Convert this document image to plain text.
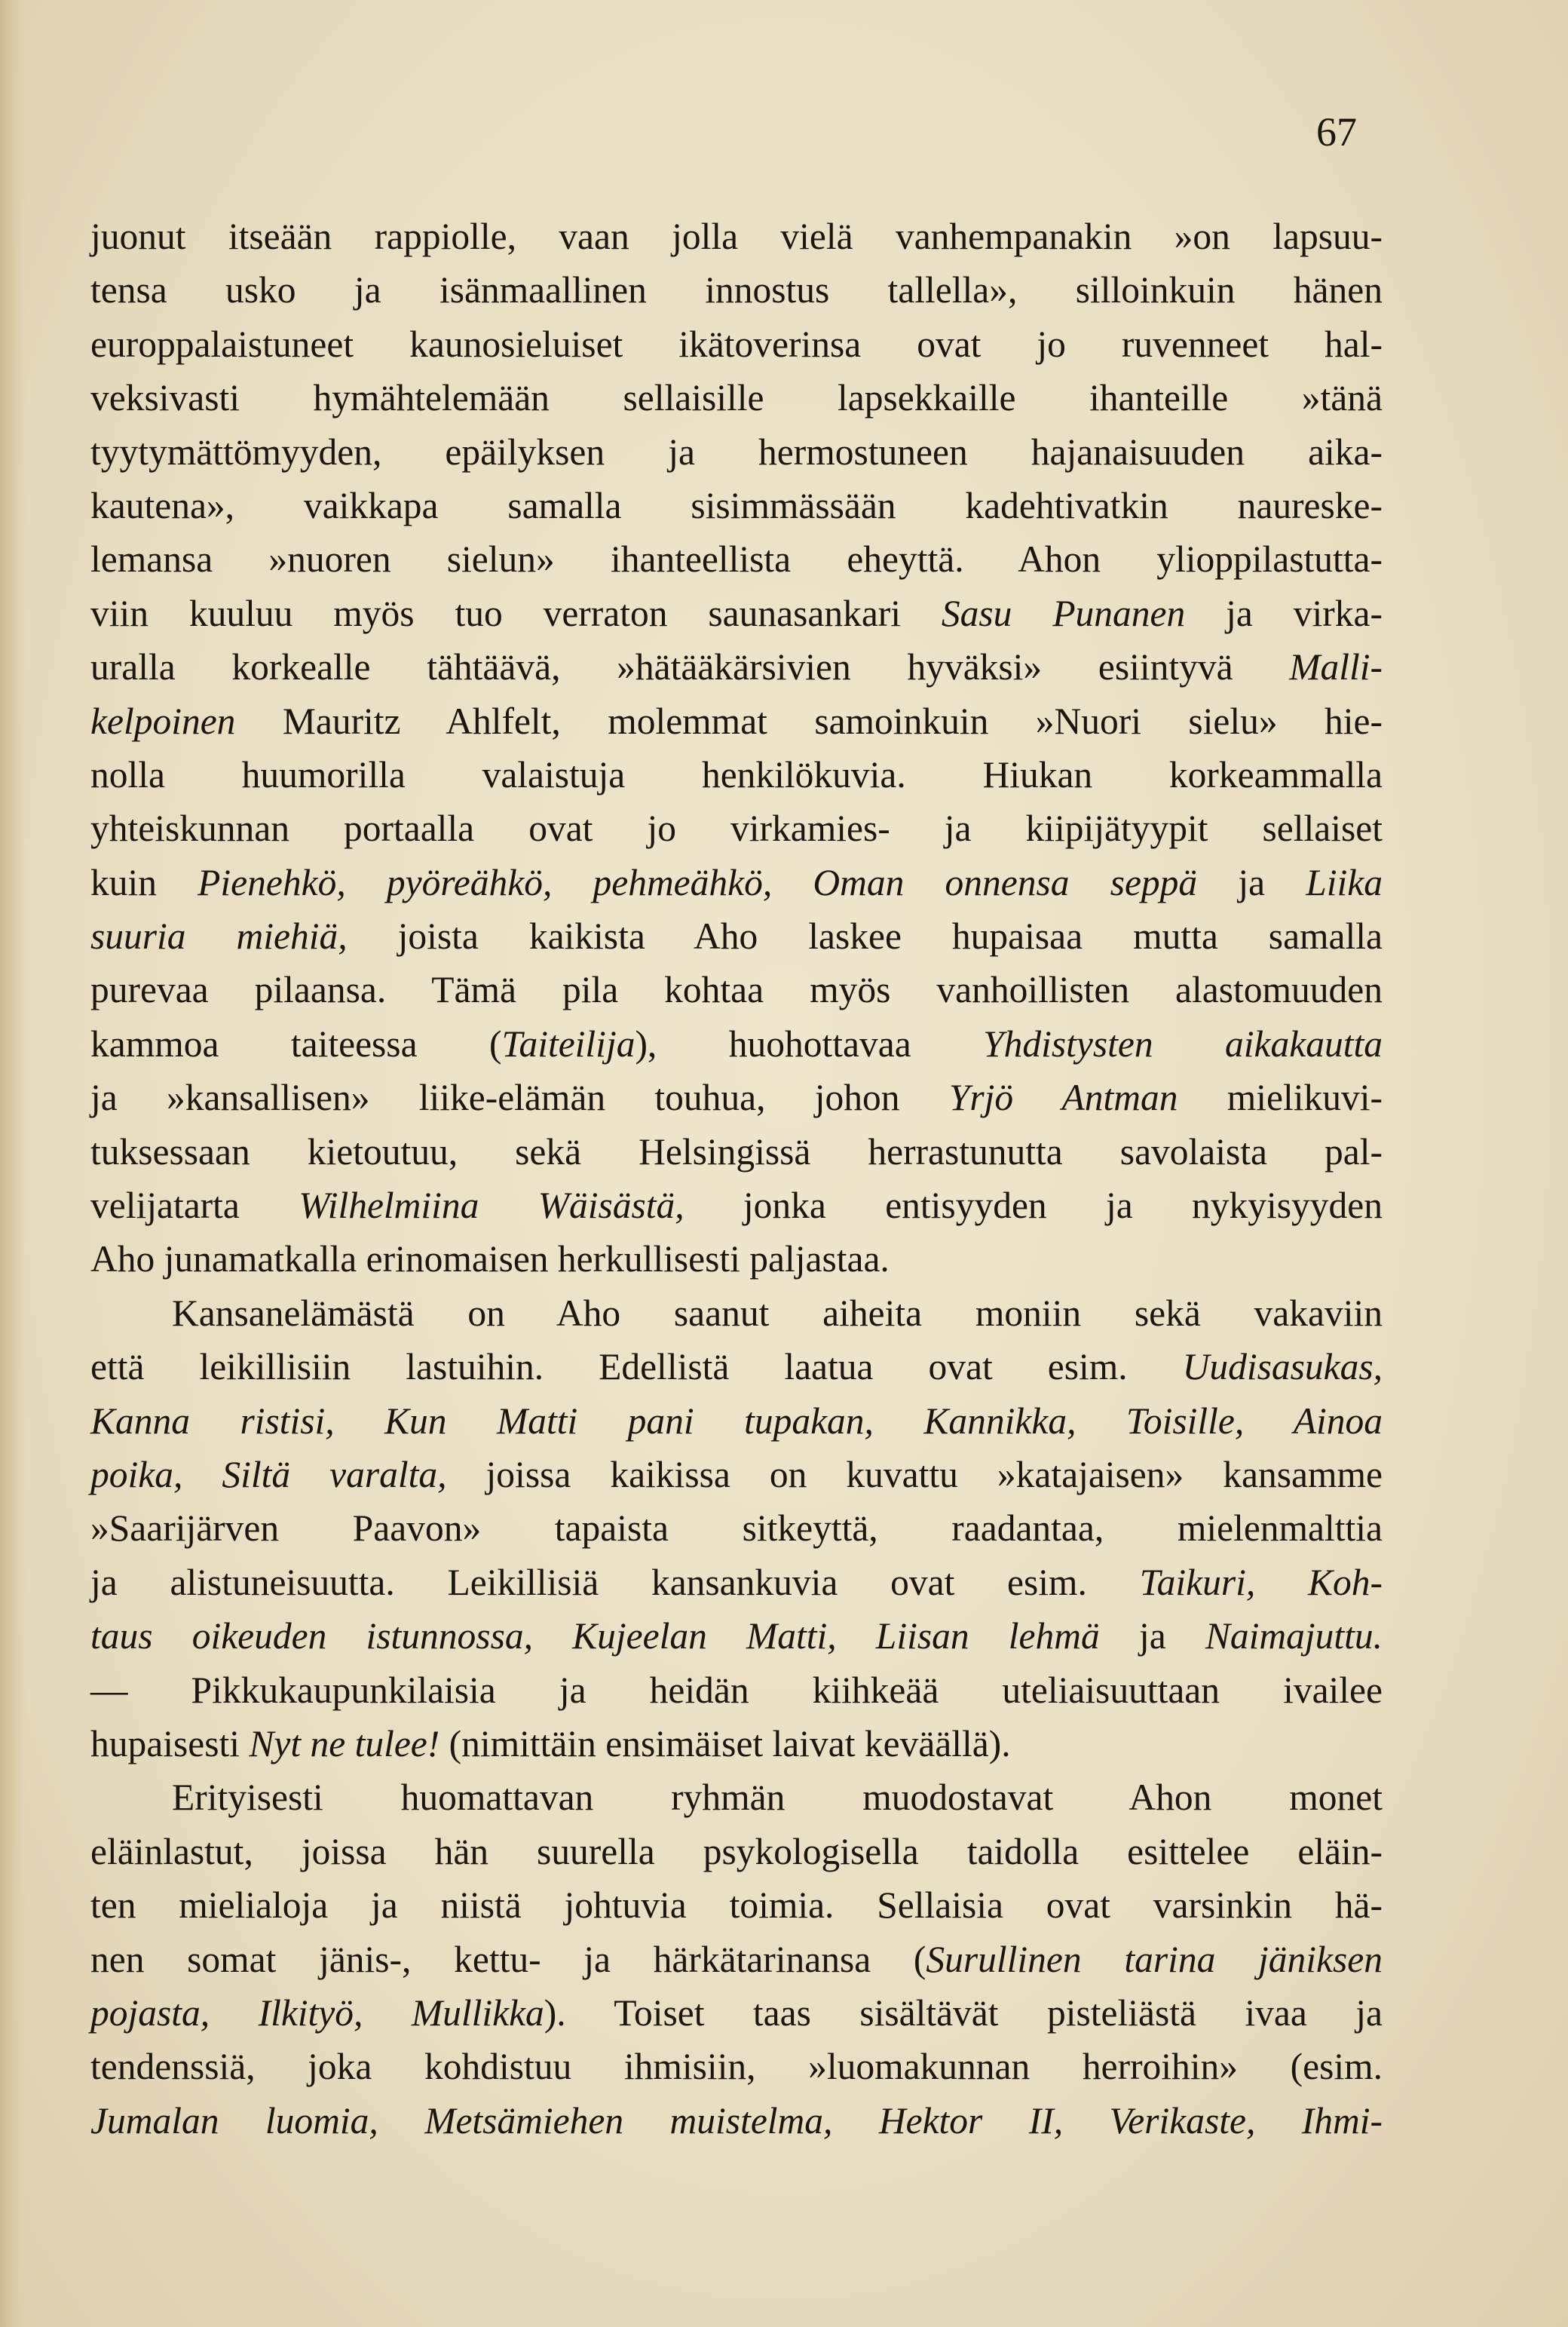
67
juonut itseään rappiolle, vaan jolla vielä vanhempanakin »on lapsuu-
tensa usko ja isänmaallinen innostus tallella», silloinkuin hänen
europpalaistuneet kaunosieluiset ikätoverinsa ovat jo ruvenneet hal-
veksivasti hymähtelemään sellaisille lapsekkaille ihanteille »tänä
tyytymättömyyden, epäilyksen ja hermostuneen hajanaisuuden aika-
kautena», vaikkapa samalla sisimmässään kadehtivatkin naureske-
lemansa »nuoren sielun» ihanteellista eheyttä. Ahon ylioppilastutta-
viin kuuluu myös tuo verraton saunasankari Sasu Punanen ja virka-
uralla korkealle tähtäävä, »hätääkärsivien hyväksi» esiintyvä Malli-
kelpoinen Mauritz Ahlfelt, molemmat samoinkuin »Nuori sielu» hie-
nolla huumorilla valaistuja henkilökuvia. Hiukan korkeammalla
yhteiskunnan portaalla ovat jo virkamies- ja kiipijätyypit sellaiset
kuin Pienehkö, pyöreähkö, pehmeähkö, Oman onnensa seppä ja Liika
suuria miehiä, joista kaikista Aho laskee hupaisaa mutta samalla
purevaa pilaansa. Tämä pila kohtaa myös vanhoillisten alastomuuden
kammoa taiteessa (Taiteilija), huohottavaa Yhdistysten aikakautta
ja »kansallisen» liike-elämän touhua, johon Yrjö Antman mielikuvi-
tuksessaan kietoutuu, sekä Helsingissä herrastunutta savolaista pal-
velijatarta Wilhelmiina Wäisästä, jonka entisyyden ja nykyisyyden
Aho junamatkalla erinomaisen herkullisesti paljastaa.
Kansanelämästä on Aho saanut aiheita moniin sekä vakaviin
että leikillisiin lastuihin. Edellistä laatua ovat esim. Uudisasukas,
Kanna ristisi, Kun Matti pani tupakan, Kannikka, Toisille, Ainoa
poika, Siltä varalta, joissa kaikissa on kuvattu »katajaisen» kansamme
»Saarijärven Paavon» tapaista sitkeyttä, raadantaa, mielenmalttia
ja alistuneisuutta. Leikillisiä kansankuvia ovat esim. Taikuri, Koh-
taus oikeuden istunnossa, Kujeelan Matti, Liisan lehmä ja Naimajuttu.
— Pikkukaupunkilaisia ja heidän kiihkeää uteliaisuuttaan ivailee
hupaisesti Nyt ne tulee! (nimittäin ensimäiset laivat keväällä).
Erityisesti huomattavan ryhmän muodostavat Ahon monet
eläinlastut, joissa hän suurella psykologisella taidolla esittelee eläin-
ten mielialoja ja niistä johtuvia toimia. Sellaisia ovat varsinkin hä-
nen somat jänis-, kettu- ja härkätarinansa (Surullinen tarina jäniksen
pojasta, Ilkityö, Mullikka). Toiset taas sisältävät pisteliästä ivaa ja
tendenssiä, joka kohdistuu ihmisiin, »luomakunnan herroihin» (esim.
Jumalan luomia, Metsämiehen muistelma, Hektor II, Verikaste, Ihmi-
